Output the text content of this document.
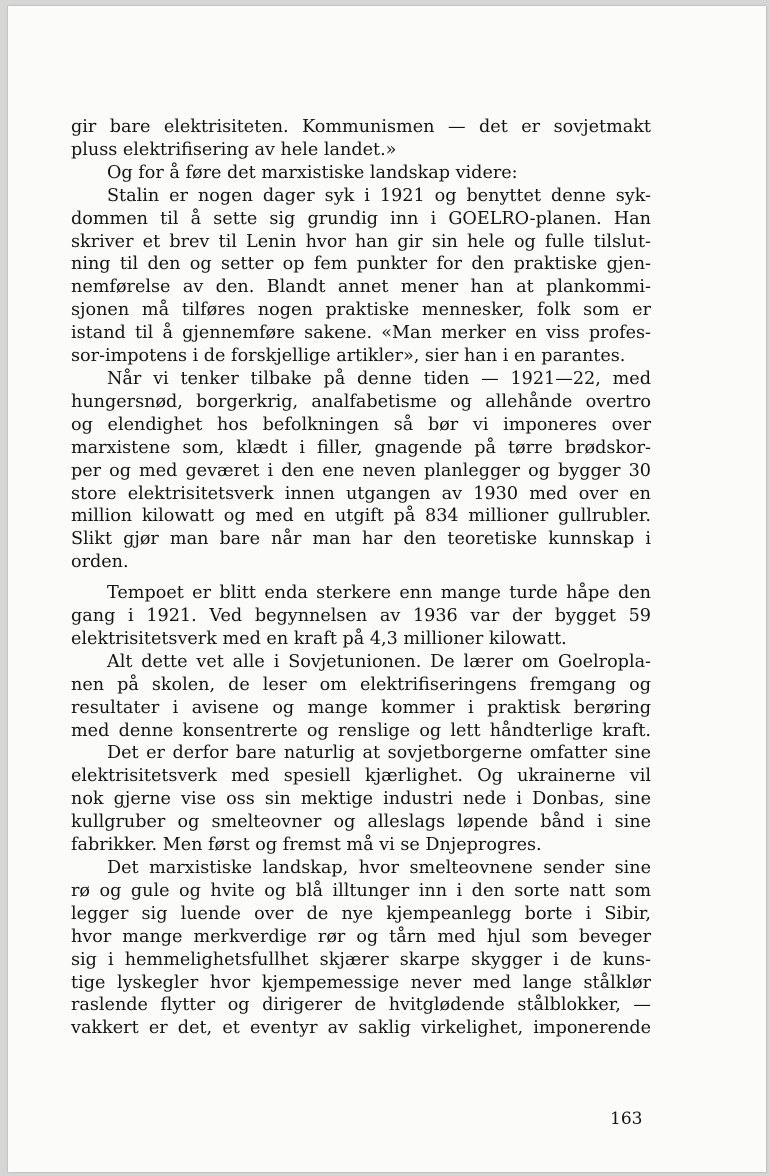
gir bare elektrisiteten. Kommunismen — det er sovjetmakt
pluss elektrifisering av hele landet.»
Og for å føre det marxistiske landskap videre:
Stalin er nogen dager syk i 1921 og benyttet denne syk-
dommen til å sette sig grundig inn i GOELRO-planen. Han
skriver et brev til Lenin hvor han gir sin hele og fulle tilslut-
ning til den og setter op fem punkter for den praktiske gjen-
nemførelse av den. Blandt annet mener han at plankommi-
sjonen må tilføres nogen praktiske mennesker, folk som er
istand til å gjennemføre sakene. «Man merker en viss profes-
sor-impotens i de forskjellige artikler», sier han i en parantes.
Når vi tenker tilbake på denne tiden — 1921—22, med
hungersnød, borgerkrig, analfabetisme og allehånde overtro
og elendighet hos befolkningen så bør vi imponeres over
marxistene som, klædt i filler, gnagende på tørre brødskor-
per og med geværet i den ene neven planlegger og bygger 30
store elektrisitetsverk innen utgangen av 1930 med over en
million kilowatt og med en utgift på 834 millioner gullrubler.
Slikt gjør man bare når man har den teoretiske kunnskap i
orden.
Tempoet er blitt enda sterkere enn mange turde håpe den
gang i 1921. Ved begynnelsen av 1936 var der bygget 59
elektrisitetsverk med en kraft på 4,3 millioner kilowatt.
Alt dette vet alle i Sovjetunionen. De lærer om Goelropla-
nen på skolen, de leser om elektrifiseringens fremgang og
resultater i avisene og mange kommer i praktisk berøring
med denne konsentrerte og renslige og lett håndterlige kraft.
Det er derfor bare naturlig at sovjetborgerne omfatter sine
elektrisitetsverk med spesiell kjærlighet. Og ukrainerne vil
nok gjerne vise oss sin mektige industri nede i Donbas, sine
kullgruber og smelteovner og alleslags løpende bånd i sine
fabrikker. Men først og fremst må vi se Dnjeprogres.
Det marxistiske landskap, hvor smelteovnene sender sine
rø og gule og hvite og blå illtunger inn i den sorte natt som
legger sig luende over de nye kjempeanlegg borte i Sibir,
hvor mange merkverdige rør og tårn med hjul som beveger
sig i hemmelighetsfullhet skjærer skarpe skygger i de kuns-
tige lyskegler hvor kjempemessige never med lange stålklør
raslende flytter og dirigerer de hvitglødende stålblokker, —
vakkert er det, et eventyr av saklig virkelighet, imponerende
163
